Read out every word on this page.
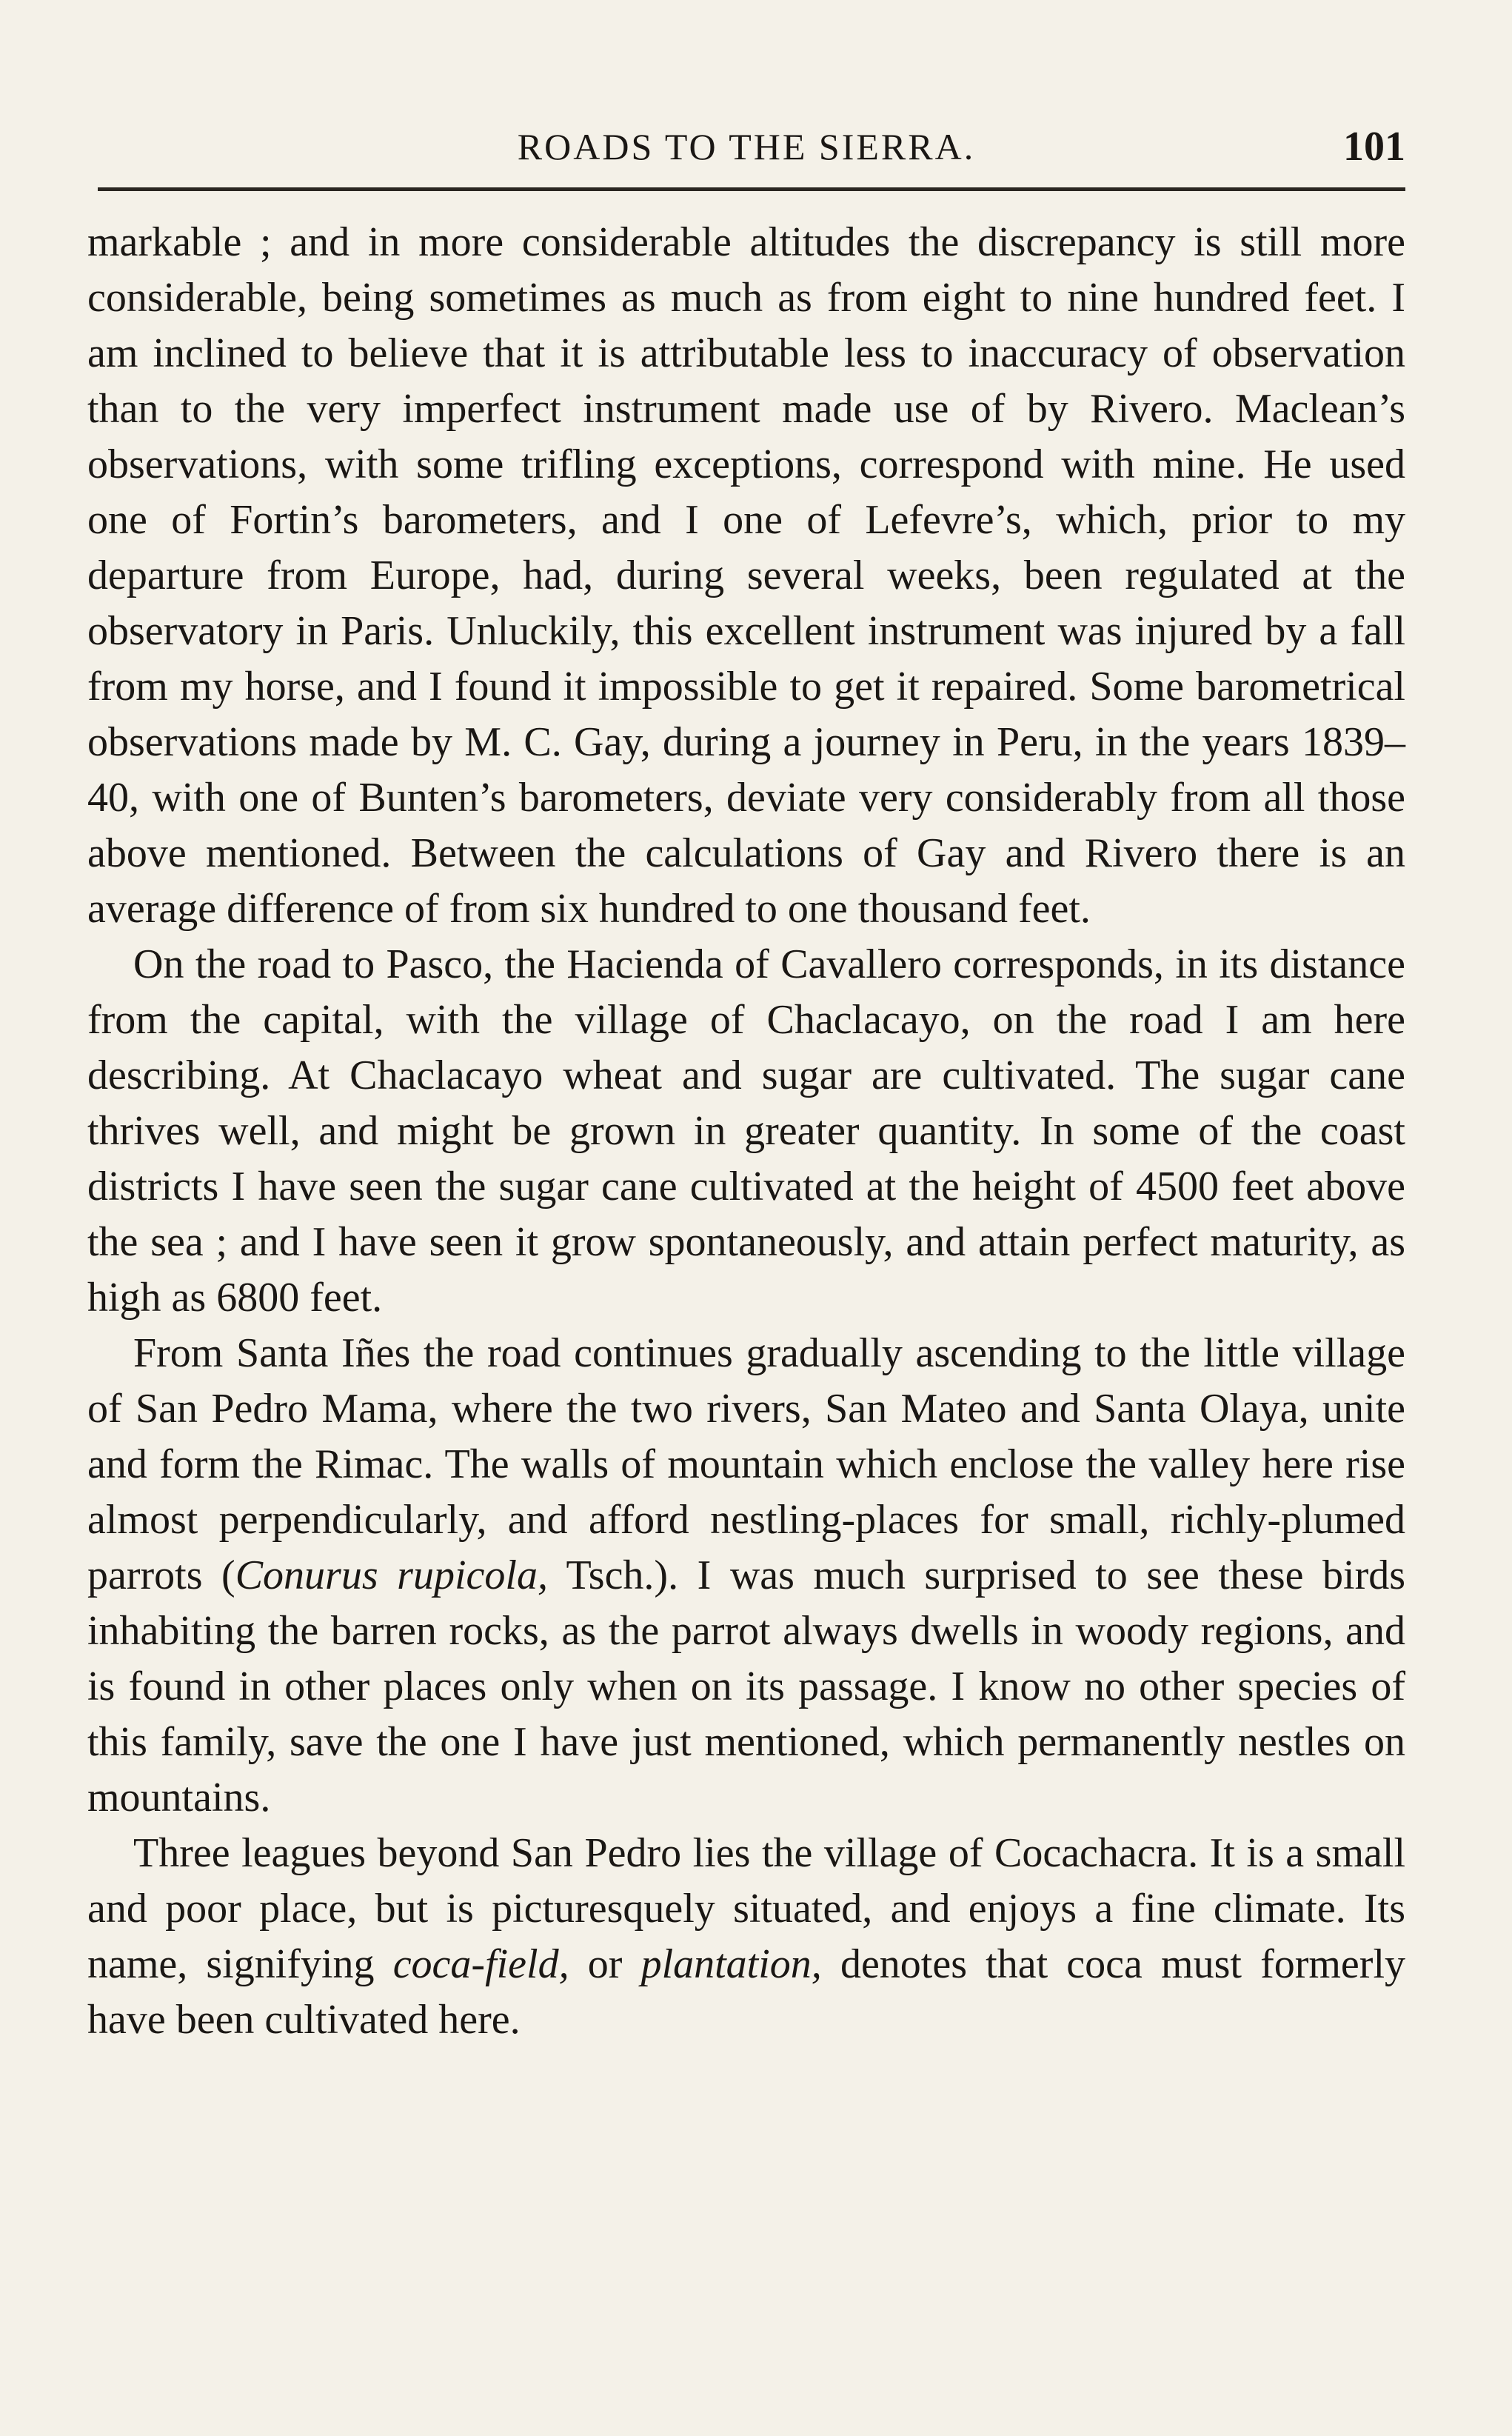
ROADS TO THE SIERRA.	101

markable ; and in more considerable altitudes the discrepancy is still more considerable, being sometimes as much as from eight to nine hundred feet. I am inclined to believe that it is attributable less to inaccuracy of observation than to the very imperfect instrument made use of by Rivero. Maclean’s observations, with some trifling exceptions, correspond with mine. He used one of Fortin’s barometers, and I one of Lefevre’s, which, prior to my departure from Europe, had, during several weeks, been regulated at the observatory in Paris. Unluckily, this excellent instrument was injured by a fall from my horse, and I found it impossible to get it repaired. Some barometrical observations made by M. C. Gay, during a journey in Peru, in the years 1839–40, with one of Bunten’s barometers, deviate very considerably from all those above mentioned. Between the calculations of Gay and Rivero there is an average difference of from six hundred to one thousand feet.

On the road to Pasco, the Hacienda of Cavallero corresponds, in its distance from the capital, with the village of Chaclacayo, on the road I am here describing. At Chaclacayo wheat and sugar are cultivated. The sugar cane thrives well, and might be grown in greater quantity. In some of the coast districts I have seen the sugar cane cultivated at the height of 4500 feet above the sea ; and I have seen it grow spontaneously, and attain perfect maturity, as high as 6800 feet.

From Santa Iñes the road continues gradually ascending to the little village of San Pedro Mama, where the two rivers, San Mateo and Santa Olaya, unite and form the Rimac. The walls of mountain which enclose the valley here rise almost perpendicularly, and afford nestling-places for small, richly-plumed parrots (Conurus rupicola, Tsch.). I was much surprised to see these birds inhabiting the barren rocks, as the parrot always dwells in woody regions, and is found in other places only when on its passage. I know no other species of this family, save the one I have just mentioned, which permanently nestles on mountains.

Three leagues beyond San Pedro lies the village of Cocachacra. It is a small and poor place, but is picturesquely situated, and enjoys a fine climate. Its name, signifying coca-field, or plantation, denotes that coca must formerly have been cultivated here.
